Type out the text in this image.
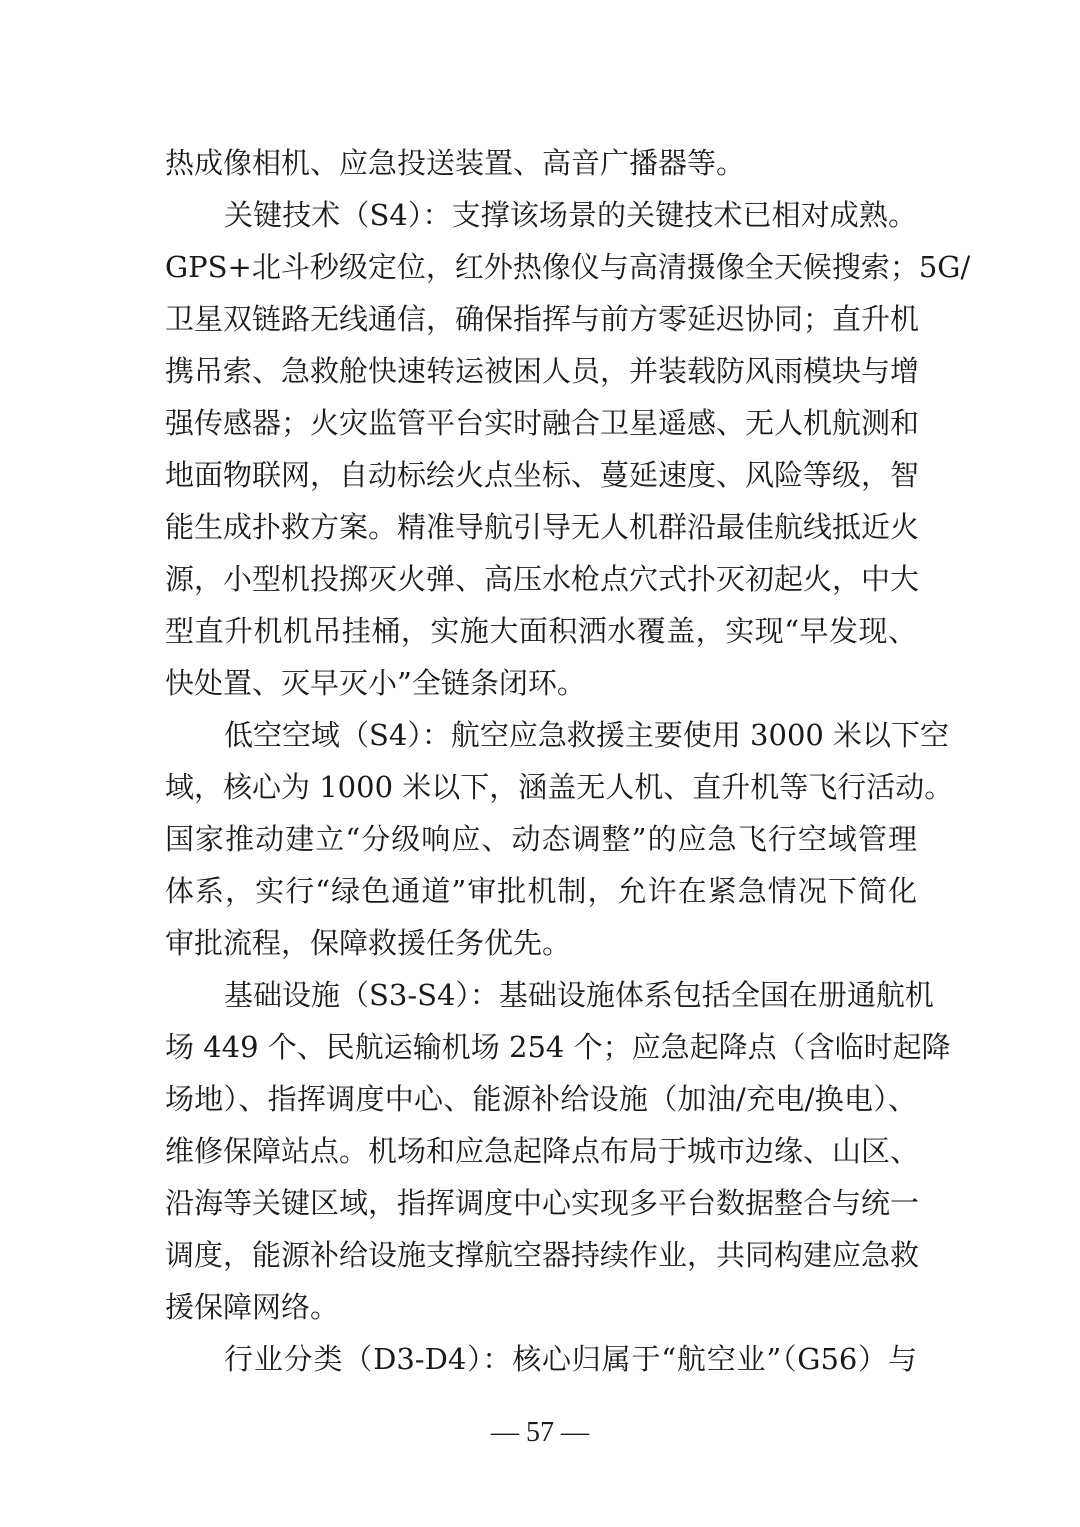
热成像相机、应急投送装置、高音广播器等。
关键技术（S4）：支撑该场景的关键技术已相对成熟。
GPS+北斗秒级定位，红外热像仪与高清摄像全天候搜索；5G/
卫星双链路无线通信，确保指挥与前方零延迟协同；直升机
携吊索、急救舱快速转运被困人员，并装载防风雨模块与增
强传感器；火灾监管平台实时融合卫星遥感、无人机航测和
地面物联网，自动标绘火点坐标、蔓延速度、风险等级，智
能生成扑救方案。精准导航引导无人机群沿最佳航线抵近火
源，小型机投掷灭火弹、高压水枪点穴式扑灭初起火，中大
型直升机机吊挂桶，实施大面积洒水覆盖，实现“早发现、
快处置、灭早灭小”全链条闭环。
低空空域（S4）：航空应急救援主要使用 3000 米以下空
域，核心为 1000 米以下，涵盖无人机、直升机等飞行活动。
国家推动建立“分级响应、动态调整”的应急飞行空域管理
体系，实行“绿色通道”审批机制，允许在紧急情况下简化
审批流程，保障救援任务优先。
基础设施（S3-S4）：基础设施体系包括全国在册通航机
场 449 个、民航运输机场 254 个；应急起降点（含临时起降
场地）、指挥调度中心、能源补给设施（加油/充电/换电）、
维修保障站点。机场和应急起降点布局于城市边缘、山区、
沿海等关键区域，指挥调度中心实现多平台数据整合与统一
调度，能源补给设施支撑航空器持续作业，共同构建应急救
援保障网络。
行业分类（D3-D4）：核心归属于“航空业”（G56）与
— 57 —
